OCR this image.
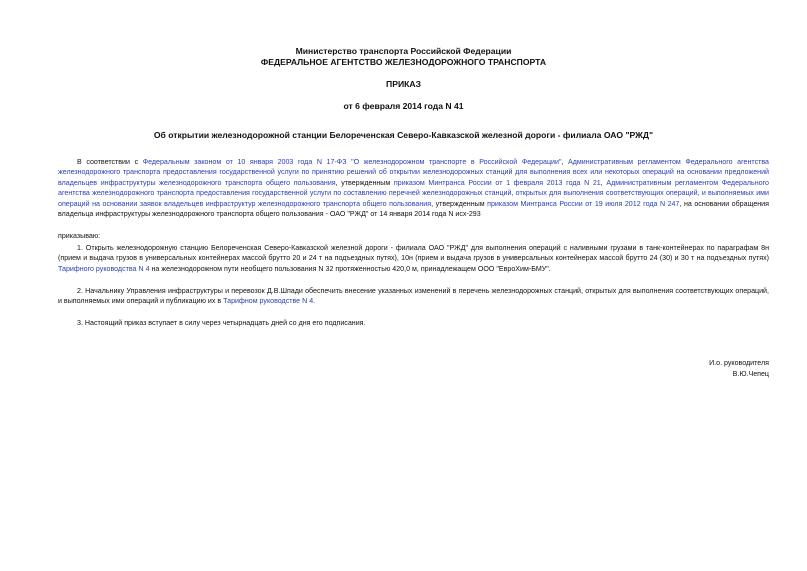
Министерство транспорта Российской Федерации
ФЕДЕРАЛЬНОЕ АГЕНТСТВО ЖЕЛЕЗНОДОРОЖНОГО ТРАНСПОРТА
ПРИКАЗ
от 6 февраля 2014 года N 41
Об открытии железнодорожной станции Белореченская Северо-Кавказской железной дороги - филиала ОАО "РЖД"
В соответствии с Федеральным законом от 10 января 2003 года N 17-ФЗ "О железнодорожном транспорте в Российской Федерации", Административным регламентом Федерального агентства железнодорожного транспорта предоставления государственной услуги по принятию решений об открытии железнодорожных станций для выполнения всех или некоторых операций на основании предложений владельцев инфраструктуры железнодорожного транспорта общего пользования, утвержденным приказом Минтранса России от 1 февраля 2013 года N 21, Административным регламентом Федерального агентства железнодорожного транспорта предоставления государственной услуги по составлению перечней железнодорожных станций, открытых для выполнения соответствующих операций, и выполняемых ими операций на основании заявок владельцев инфраструктур железнодорожного транспорта общего пользования, утвержденным приказом Минтранса России от 19 июля 2012 года N 247, на основании обращения владельца инфраструктуры железнодорожного транспорта общего пользования - ОАО "РЖД" от 14 января 2014 года N исх-293
приказываю:
1. Открыть железнодорожную станцию Белореченская Северо-Кавказской железной дороги - филиала ОАО "РЖД" для выполнения операций с наливными грузами в танк-контейнерах по параграфам 8н (прием и выдача грузов в универсальных контейнерах массой брутто 20 и 24 т на подъездных путях), 10н (прием и выдача грузов в универсальных контейнерах массой брутто 24 (30) и 30 т на подъездных путях) Тарифного руководства N 4 на железнодорожном пути необщего пользования N 32 протяженностью 420,0 м, принадлежащем ООО "ЕвроХим-БМУ".
2. Начальнику Управления инфраструктуры и перевозок Д.В.Шпади обеспечить внесение указанных изменений в перечень железнодорожных станций, открытых для выполнения соответствующих операций, и выполняемых ими операций и публикацию их в Тарифном руководстве N 4.
3. Настоящий приказ вступает в силу через четырнадцать дней со дня его подписания.
И.о. руководителя
В.Ю.Чепец
